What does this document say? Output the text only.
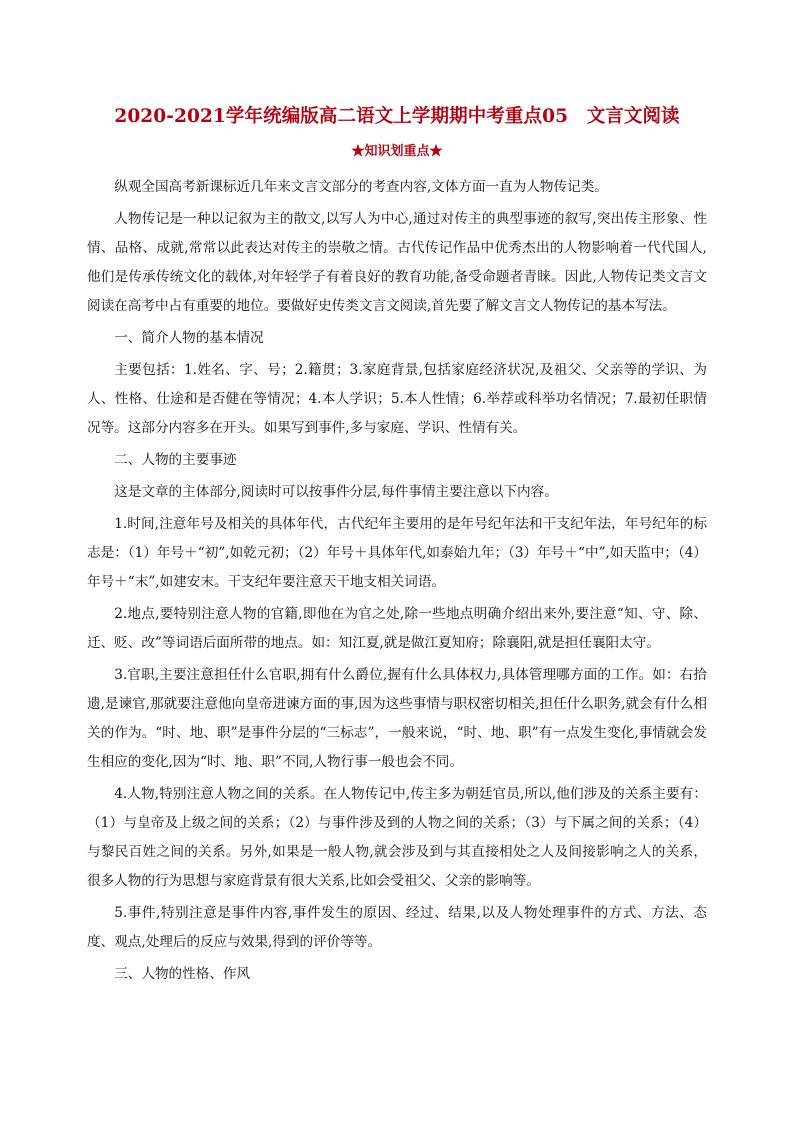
2020-2021学年统编版高二语文上学期期中考重点05　文言文阅读
★知识划重点★

纵观全国高考新课标近几年来文言文部分的考查内容,文体方面一直为人物传记类。

人物传记是一种以记叙为主的散文,以写人为中心,通过对传主的典型事迹的叙写,突出传主形象、性情、品格、成就,常常以此表达对传主的崇敬之情。古代传记作品中优秀杰出的人物影响着一代代国人,他们是传承传统文化的载体,对年轻学子有着良好的教育功能,备受命题者青睐。因此,人物传记类文言文阅读在高考中占有重要的地位。要做好史传类文言文阅读,首先要了解文言文人物传记的基本写法。

一、简介人物的基本情况

主要包括：1.姓名、字、号；2.籍贯；3.家庭背景,包括家庭经济状况,及祖父、父亲等的学识、为人、性格、仕途和是否健在等情况；4.本人学识；5.本人性情；6.举荐或科举功名情况；7.最初任职情况等。这部分内容多在开头。如果写到事件,多与家庭、学识、性情有关。

二、人物的主要事迹

这是文章的主体部分,阅读时可以按事件分层,每件事情主要注意以下内容。

1.时间,注意年号及相关的具体年代，古代纪年主要用的是年号纪年法和干支纪年法，年号纪年的标志是：（1）年号＋“初”,如乾元初；（2）年号＋具体年代,如泰始九年；（3）年号＋“中”,如天监中；（4）年号＋“末”,如建安末。干支纪年要注意天干地支相关词语。

2.地点,要特别注意人物的官籍,即他在为官之处,除一些地点明确介绍出来外,要注意“知、守、除、迁、贬、改”等词语后面所带的地点。如：知江夏,就是做江夏知府；除襄阳,就是担任襄阳太守。

3.官职,主要注意担任什么官职,拥有什么爵位,握有什么具体权力,具体管理哪方面的工作。如：右拾遗,是谏官,那就要注意他向皇帝进谏方面的事,因为这些事情与职权密切相关,担任什么职务,就会有什么相关的作为。“时、地、职”是事件分层的“三标志”，一般来说，“时、地、职”有一点发生变化,事情就会发生相应的变化,因为“时、地、职”不同,人物行事一般也会不同。

4.人物,特别注意人物之间的关系。在人物传记中,传主多为朝廷官员,所以,他们涉及的关系主要有：（1）与皇帝及上级之间的关系；（2）与事件涉及到的人物之间的关系；（3）与下属之间的关系；（4）与黎民百姓之间的关系。另外,如果是一般人物,就会涉及到与其直接相处之人及间接影响之人的关系，很多人物的行为思想与家庭背景有很大关系,比如会受祖父、父亲的影响等。

5.事件,特别注意是事件内容,事件发生的原因、经过、结果,以及人物处理事件的方式、方法、态度、观点,处理后的反应与效果,得到的评价等等。

三、人物的性格、作风
